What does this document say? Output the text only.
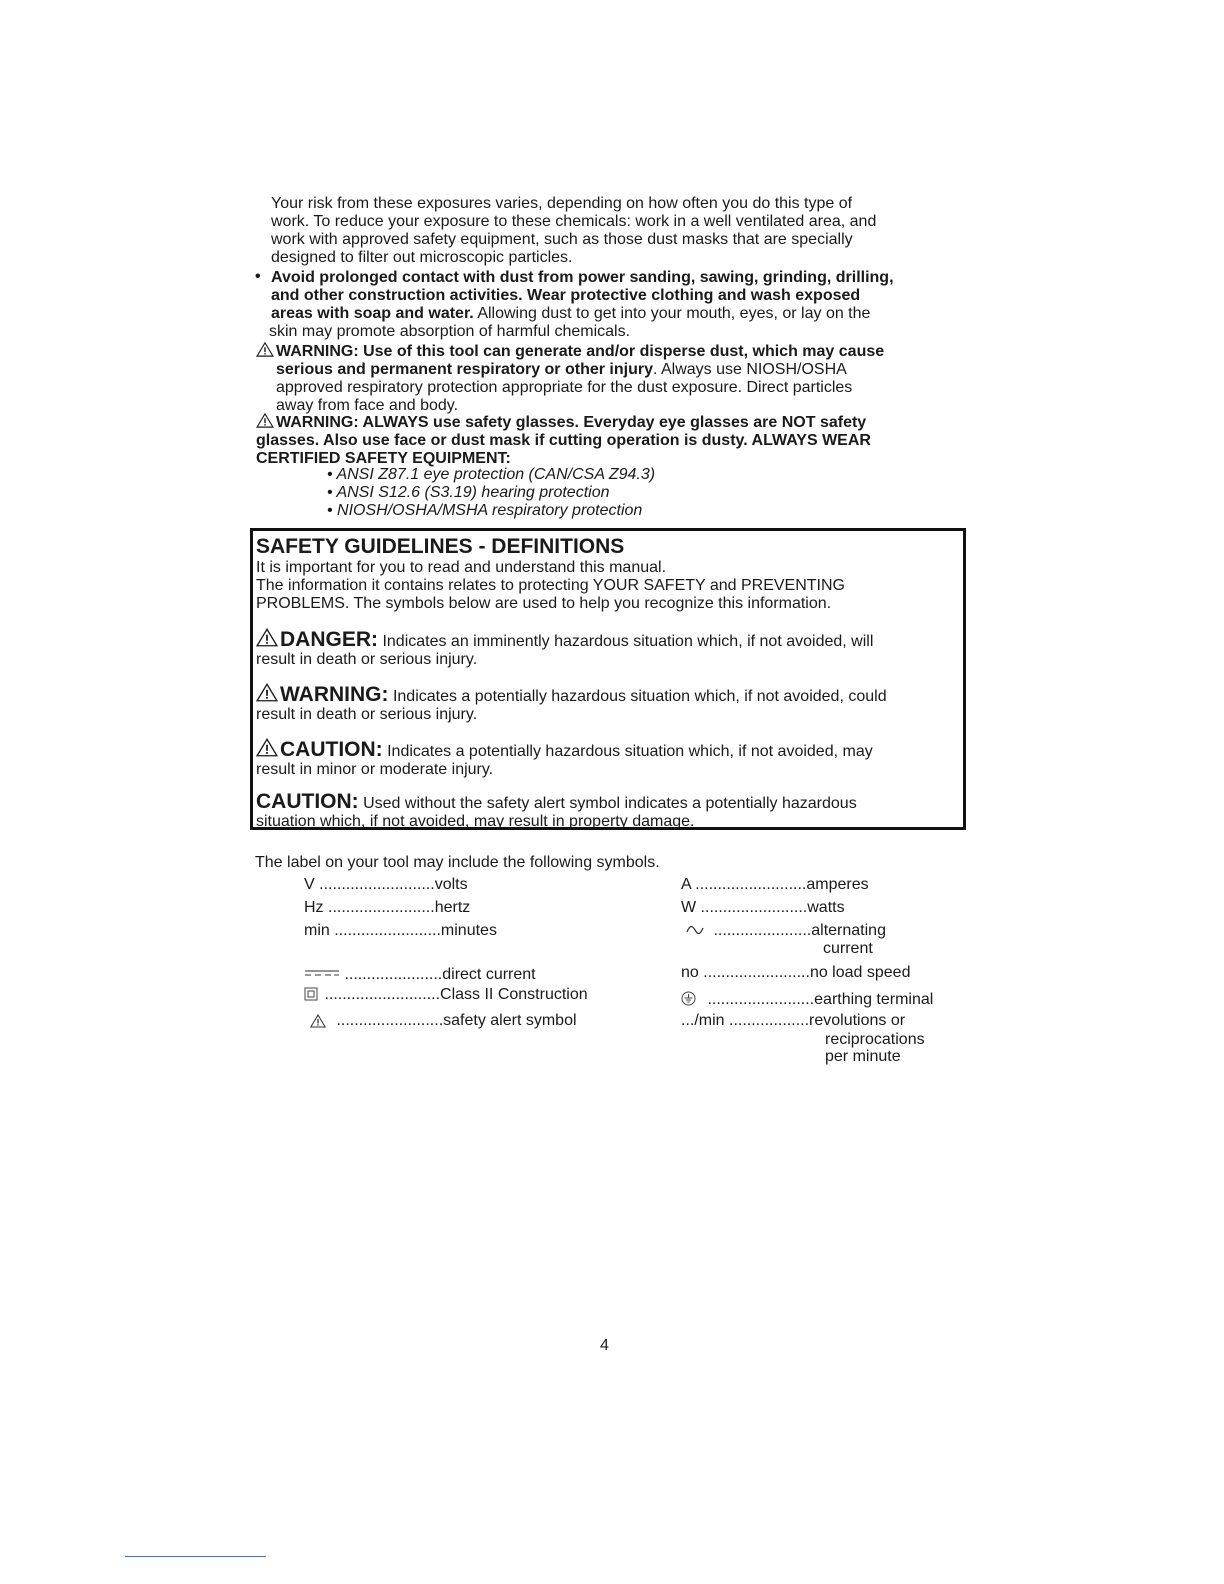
Your risk from these exposures varies, depending on how often you do this type of
work. To reduce your exposure to these chemicals: work in a well ventilated area, and
work with approved safety equipment, such as those dust masks that are specially
designed to filter out microscopic particles.
• Avoid prolonged contact with dust from power sanding, sawing, grinding, drilling,
and other construction activities. Wear protective clothing and wash exposed
areas with soap and water. Allowing dust to get into your mouth, eyes, or lay on the
skin may promote absorption of harmful chemicals.
WARNING: Use of this tool can generate and/or disperse dust, which may cause
serious and permanent respiratory or other injury. Always use NIOSH/OSHA
approved respiratory protection appropriate for the dust exposure. Direct particles
away from face and body.
WARNING: ALWAYS use safety glasses. Everyday eye glasses are NOT safety
glasses. Also use face or dust mask if cutting operation is dusty. ALWAYS WEAR
CERTIFIED SAFETY EQUIPMENT:
• ANSI Z87.1 eye protection (CAN/CSA Z94.3)
• ANSI S12.6 (S3.19) hearing protection
• NIOSH/OSHA/MSHA respiratory protection
SAFETY GUIDELINES - DEFINITIONS
It is important for you to read and understand this manual.
The information it contains relates to protecting YOUR SAFETY and PREVENTING
PROBLEMS. The symbols below are used to help you recognize this information.
DANGER: Indicates an imminently hazardous situation which, if not avoided, will
result in death or serious injury.
WARNING: Indicates a potentially hazardous situation which, if not avoided, could
result in death or serious injury.
CAUTION: Indicates a potentially hazardous situation which, if not avoided, may
result in minor or moderate injury.
CAUTION: Used without the safety alert symbol indicates a potentially hazardous
situation which, if not avoided, may result in property damage.
The label on your tool may include the following symbols.
V ..........................volts
Hz ........................hertz
min ........................minutes
......................direct current
..........................Class II Construction
........................safety alert symbol
A .........................amperes
W ........................watts
......................alternating
current
no ........................no load speed
........................earthing terminal
.../min ..................revolutions or
reciprocations
per minute
4
